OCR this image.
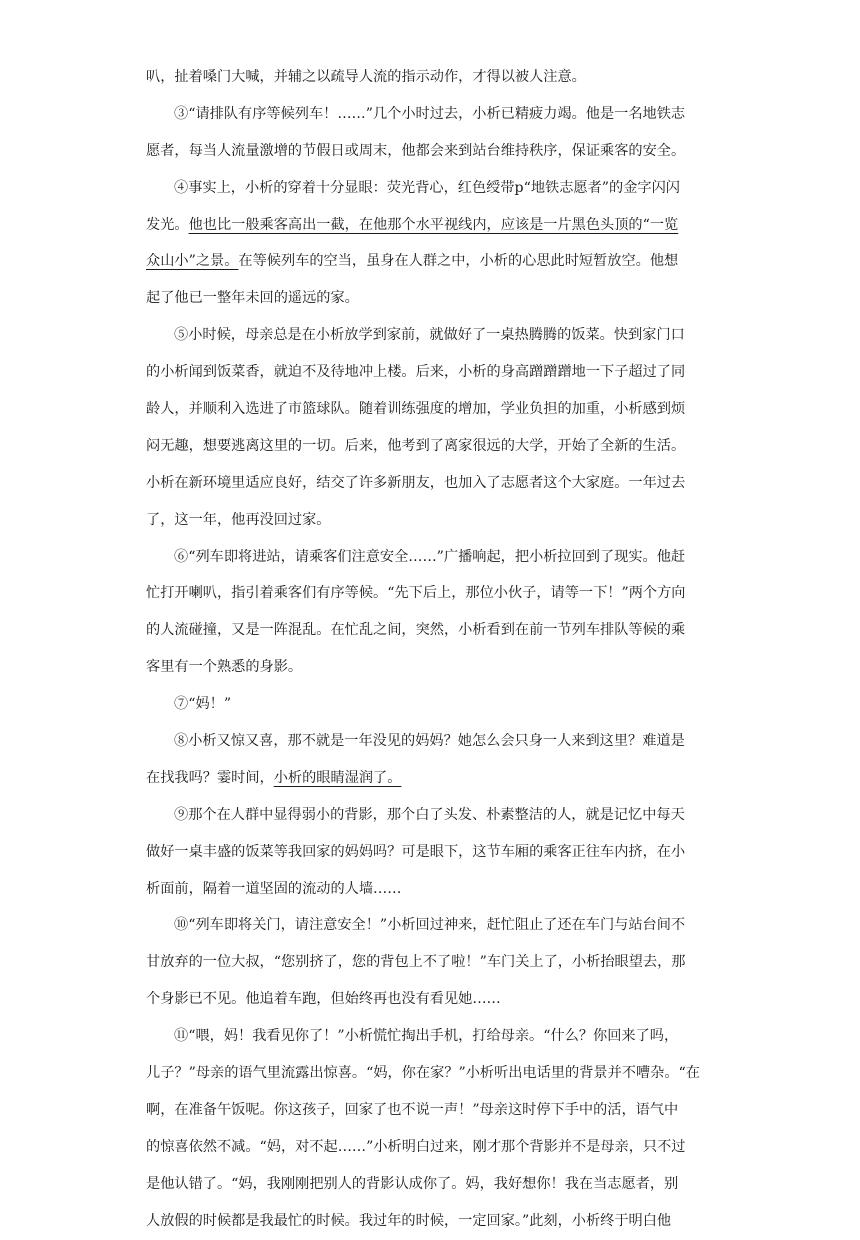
叭，扯着嗓门大喊，并辅之以疏导人流的指示动作，才得以被人注意。
③“请排队有序等候列车！……”几个小时过去，小析已精疲力竭。他是一名地铁志
愿者，每当人流量激增的节假日或周末，他都会来到站台维持秩序，保证乘客的安全。
④事实上，小析的穿着十分显眼：荧光背心，红色绶带p“地铁志愿者”的金字闪闪
发光。他也比一般乘客高出一截，在他那个水平视线内，应该是一片黑色头顶的“一览
众山小”之景。在等候列车的空当，虽身在人群之中，小析的心思此时短暂放空。他想
起了他已一整年未回的遥远的家。
⑤小时候，母亲总是在小析放学到家前，就做好了一桌热腾腾的饭菜。快到家门口
的小析闻到饭菜香，就迫不及待地冲上楼。后来，小析的身高蹭蹭蹭地一下子超过了同
龄人，并顺利入选进了市篮球队。随着训练强度的增加，学业负担的加重，小析感到烦
闷无趣，想要逃离这里的一切。后来，他考到了离家很远的大学，开始了全新的生活。
小析在新环境里适应良好，结交了许多新朋友，也加入了志愿者这个大家庭。一年过去
了，这一年，他再没回过家。
⑥“列车即将进站，请乘客们注意安全……”广播响起，把小析拉回到了现实。他赶
忙打开喇叭，指引着乘客们有序等候。“先下后上，那位小伙子，请等一下！”两个方向
的人流碰撞，又是一阵混乱。在忙乱之间，突然，小析看到在前一节列车排队等候的乘
客里有一个熟悉的身影。
⑦“妈！”
⑧小析又惊又喜，那不就是一年没见的妈妈？她怎么会只身一人来到这里？难道是
在找我吗？霎时间，小析的眼睛湿润了。
⑨那个在人群中显得弱小的背影，那个白了头发、朴素整洁的人，就是记忆中每天
做好一桌丰盛的饭菜等我回家的妈妈吗？可是眼下，这节车厢的乘客正往车内挤，在小
析面前，隔着一道坚固的流动的人墙……
⑩“列车即将关门，请注意安全！”小析回过神来，赶忙阻止了还在车门与站台间不
甘放弃的一位大叔，“您别挤了，您的背包上不了啦！”车门关上了，小析抬眼望去，那
个身影已不见。他追着车跑，但始终再也没有看见她……
⑪“喂，妈！我看见你了！”小析慌忙掏出手机，打给母亲。“什么？你回来了吗，
儿子？”母亲的语气里流露出惊喜。“妈，你在家？”小析听出电话里的背景并不嘈杂。“在
啊，在准备午饭呢。你这孩子，回家了也不说一声！”母亲这时停下手中的活，语气中
的惊喜依然不减。“妈，对不起……”小析明白过来，刚才那个背影并不是母亲，只不过
是他认错了。“妈，我刚刚把别人的背影认成你了。妈，我好想你！我在当志愿者，别
人放假的时候都是我最忙的时候。我过年的时候，一定回家。”此刻，小析终于明白他
